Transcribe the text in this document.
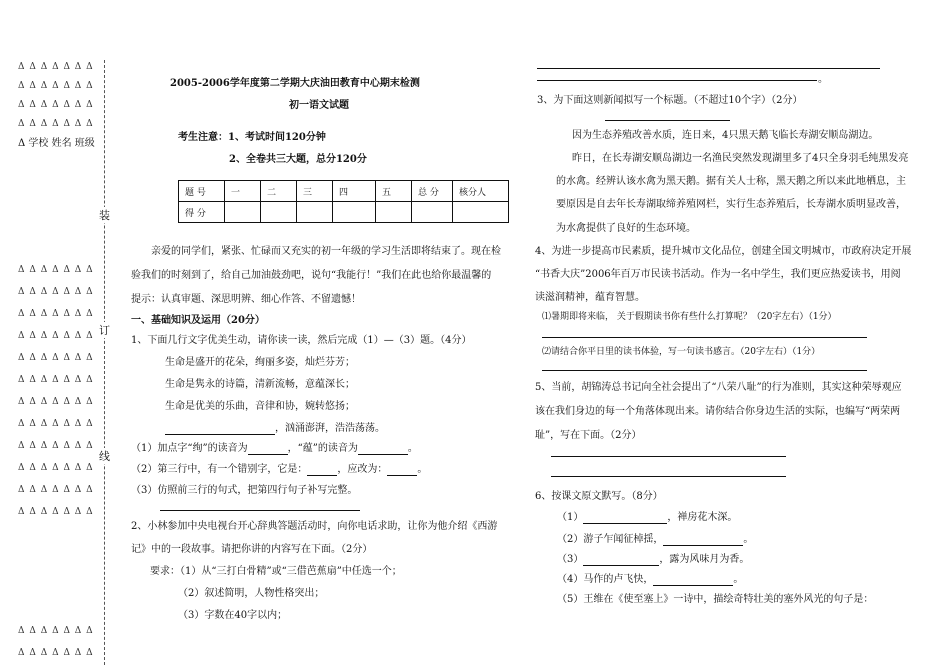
Δ Δ Δ Δ Δ Δ Δ
Δ Δ Δ Δ Δ Δ Δ
Δ Δ Δ Δ Δ Δ Δ
Δ Δ Δ Δ Δ Δ Δ
Δ 学校 姓名 班级
Δ Δ Δ Δ Δ Δ Δ
Δ Δ Δ Δ Δ Δ Δ
Δ Δ Δ Δ Δ Δ Δ
Δ Δ Δ Δ Δ Δ Δ
Δ Δ Δ Δ Δ Δ Δ
Δ Δ Δ Δ Δ Δ Δ
Δ Δ Δ Δ Δ Δ Δ
Δ Δ Δ Δ Δ Δ Δ
Δ Δ Δ Δ Δ Δ Δ
Δ Δ Δ Δ Δ Δ Δ
Δ Δ Δ Δ Δ Δ Δ
Δ Δ Δ Δ Δ Δ Δ
Δ Δ Δ Δ Δ Δ Δ
Δ Δ Δ Δ Δ Δ Δ
装
订
线
2005-2006学年度第二学期大庆油田教育中心期末检测
初一语文试题
考生注意：1、考试时间120分钟
2、全卷共三大题，总分120分
题 号	一	二	三	四	五	总 分	核分人
得 分							
亲爱的同学们，紧张、忙碌而又充实的初一年级的学习生活即将结束了。现在检
验我们的时刻到了，给自己加油鼓劲吧，说句“我能行！”我们在此也给你最温馨的
提示：认真审题、深思明辨、细心作答、不留遗憾！
一、基础知识及运用（20分）
1、下面几行文字优美生动，请你读一读，然后完成（1）—（3）题。（4分）
生命是盛开的花朵，绚丽多姿，灿烂芬芳；
生命是隽永的诗篇，清新流畅，意蕴深长；
生命是优美的乐曲，音律和协，婉转悠扬；
，汹涌澎湃，浩浩荡荡。
（1）加点字“绚”的读音为	，“蕴”的读音为	。
（2）第三行中，有一个错别字，它是：	，应改为：	。
（3）仿照前三行的句式，把第四行句子补写完整。
2、小林参加中央电视台开心辞典答题活动时，向你电话求助，让你为他介绍《西游
记》中的一段故事。请把你讲的内容写在下面。（2分）
要求：（1）从“三打白骨精”或“三借芭蕉扇”中任选一个；
（2）叙述简明，人物性格突出；
（3）字数在40字以内；
。
3、为下面这则新闻拟写一个标题。（不超过10个字）（2分）
因为生态养殖改善水质，连日来，4只黑天鹅飞临长寿湖安顺岛湖边。
昨日，在长寿湖安顺岛湖边一名渔民突然发现湖里多了4只全身羽毛纯黑发亮
的水禽。经辨认该水禽为黑天鹅。据有关人士称，黑天鹅之所以来此地栖息，主
要原因是自去年长寿湖取缔养殖网栏，实行生态养殖后，长寿湖水质明显改善，
为水禽提供了良好的生态环境。
4、为进一步提高市民素质，提升城市文化品位，创建全国文明城市，市政府决定开展
“书香大庆”2006年百万市民读书活动。作为一名中学生，我们更应热爱读书，用阅
读滋润精神，蕴育智慧。
⑴暑期即将来临， 关于假期读书你有些什么打算呢？（20字左右）（1分）
⑵请结合你平日里的读书体验，写一句读书感言。（20字左右）（1分）
5、当前，胡锦涛总书记向全社会提出了“八荣八耻”的行为准则，其实这种荣辱观应
该在我们身边的每一个角落体现出来。请你结合你身边生活的实际，也编写“两荣两
耻”，写在下面。（2分）
6、按课文原文默写。（8分）
（1）	，禅房花木深。
（2）游子乍闻征棹揺，	。
（3）	，露为风味月为香。
（4）马作的卢飞快，	。
（5）王维在《使至塞上》一诗中，描绘奇特壮美的塞外风光的句子是：
